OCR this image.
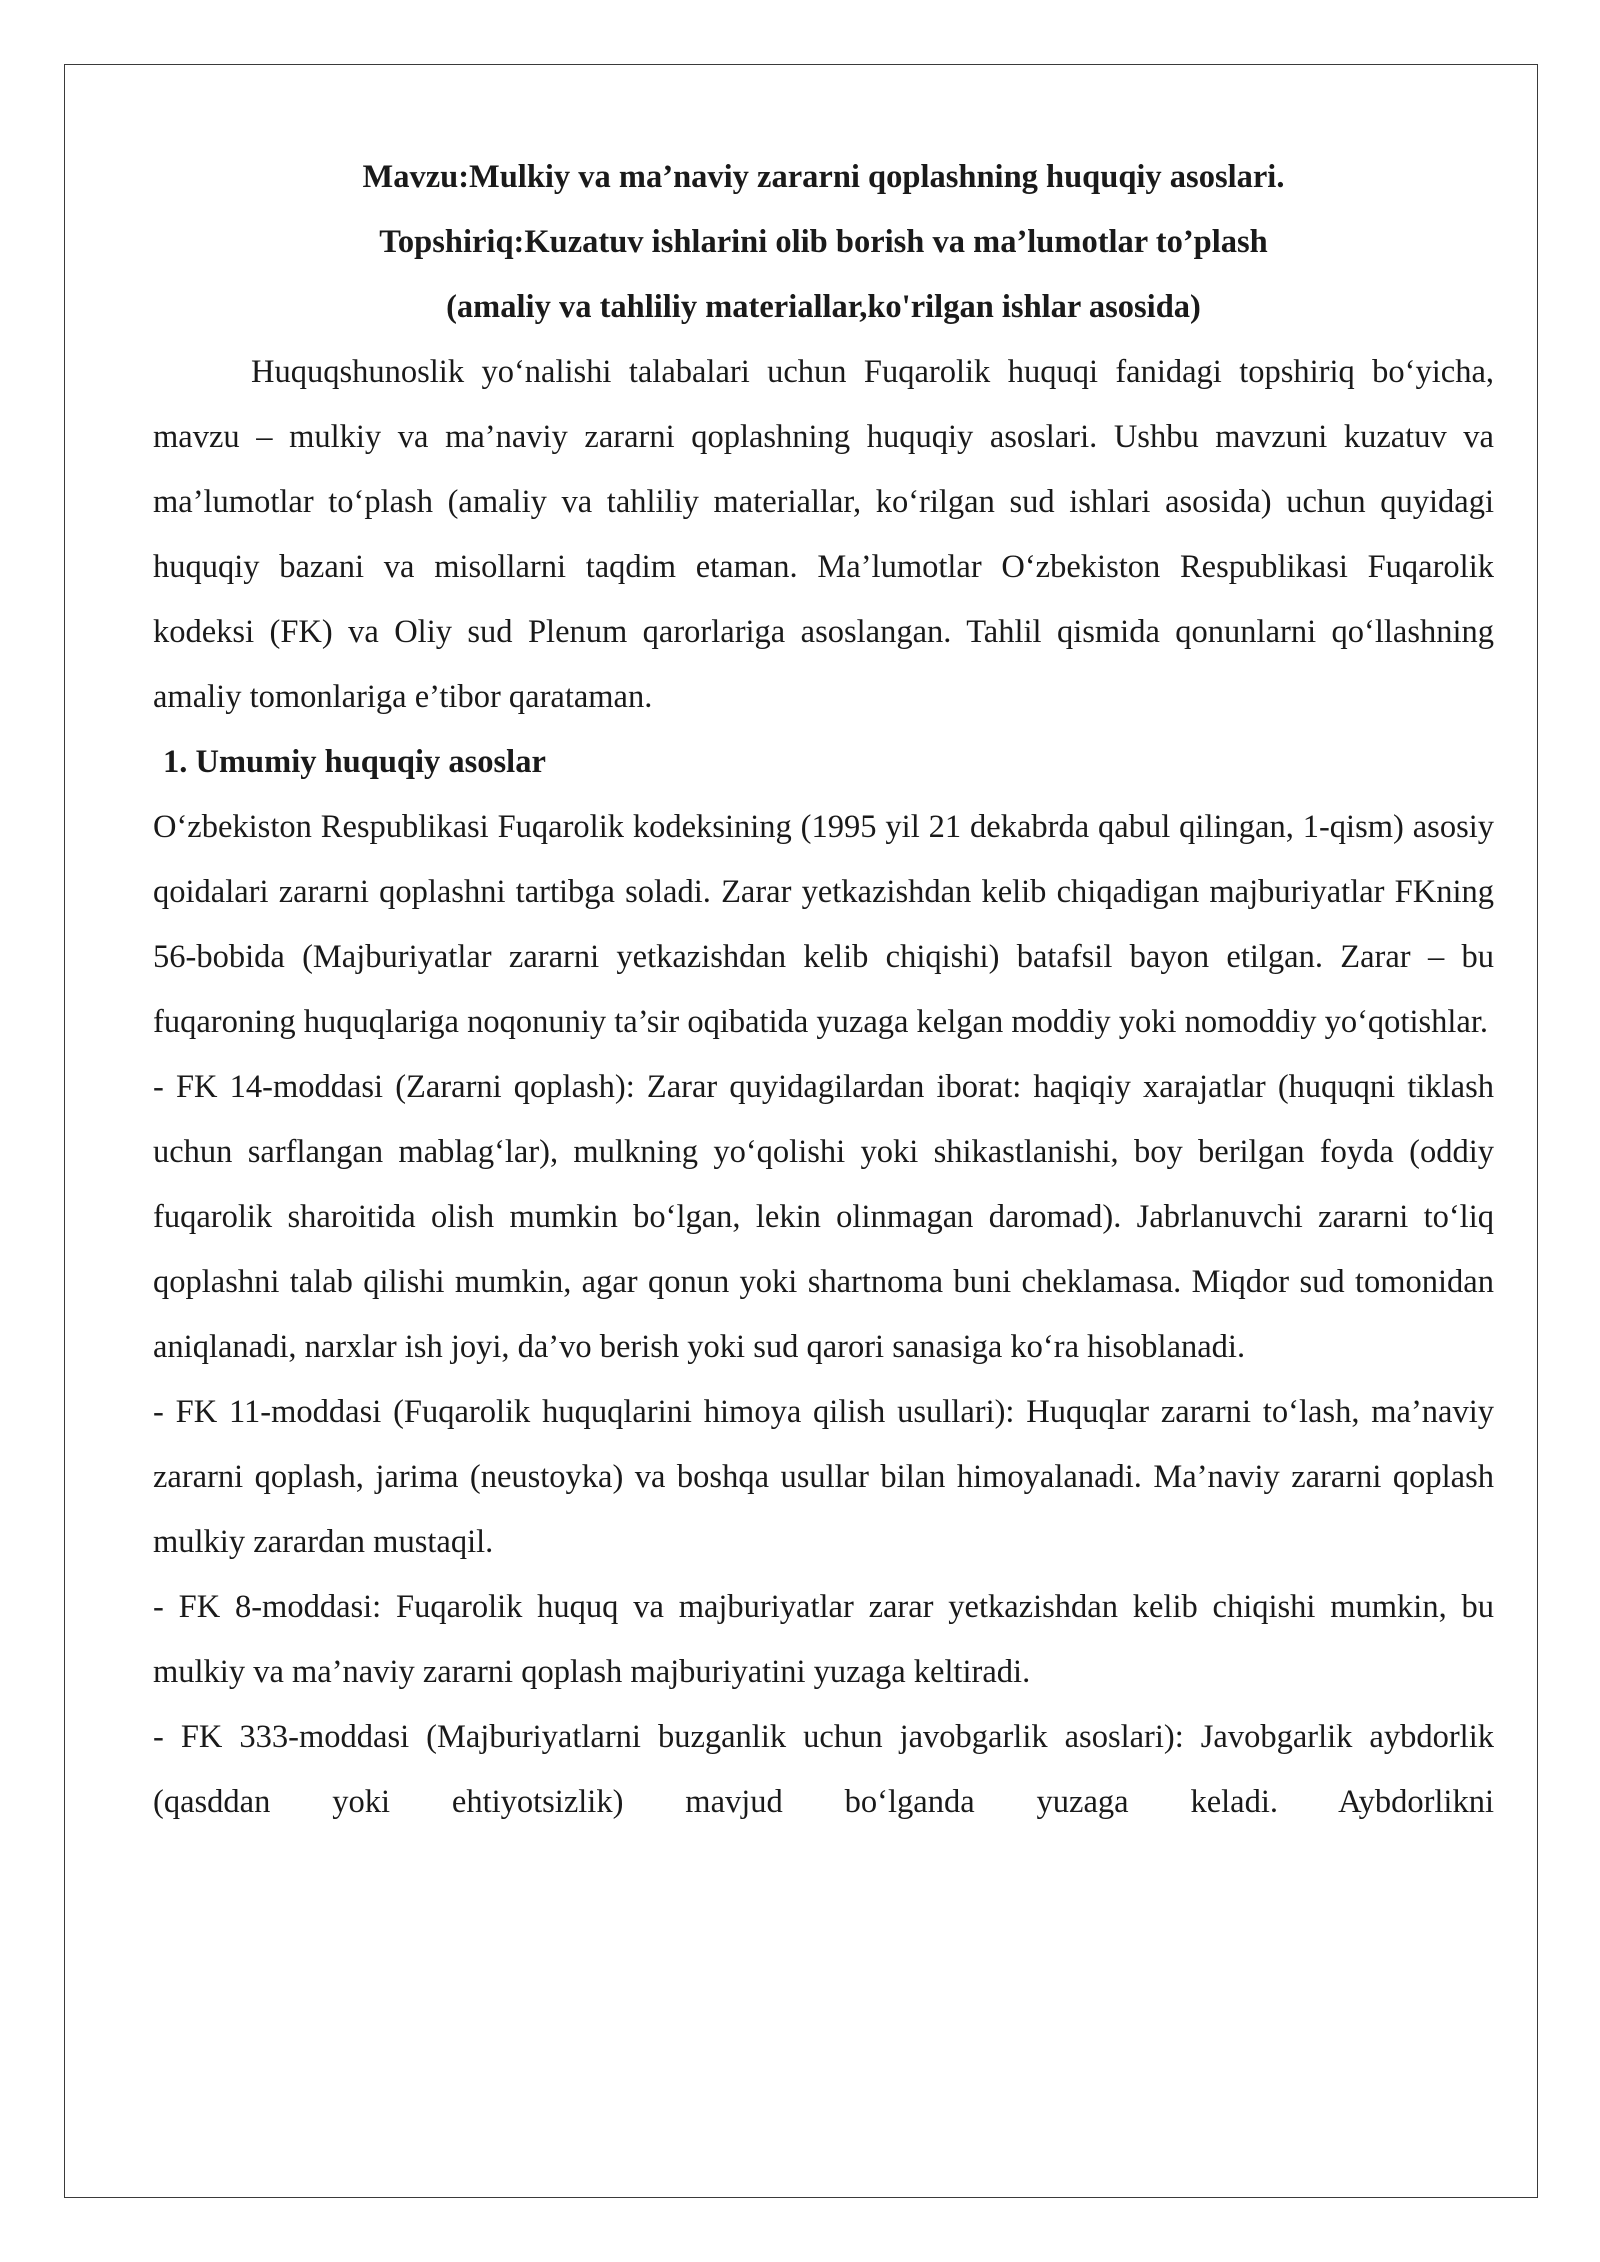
Mavzu:Mulkiy va ma’naviy zararni qoplashning huquqiy asoslari.

Topshiriq:Kuzatuv ishlarini olib borish va ma’lumotlar to’plash

(amaliy va tahliliy materiallar,ko'rilgan ishlar asosida)

Huquqshunoslik yo‘nalishi talabalari uchun Fuqarolik huquqi fanidagi topshiriq bo‘yicha, mavzu – mulkiy va ma’naviy zararni qoplashning huquqiy asoslari. Ushbu mavzuni kuzatuv va ma’lumotlar to‘plash (amaliy va tahliliy materiallar, ko‘rilgan sud ishlari asosida) uchun quyidagi huquqiy bazani va misollarni taqdim etaman. Ma’lumotlar O‘zbekiston Respublikasi Fuqarolik kodeksi (FK) va Oliy sud Plenum qarorlariga asoslangan. Tahlil qismida qonunlarni qo‘llashning amaliy tomonlariga e’tibor qarataman.

1. Umumiy huquqiy asoslar

O‘zbekiston Respublikasi Fuqarolik kodeksining (1995 yil 21 dekabrda qabul qilingan, 1-qism) asosiy qoidalari zararni qoplashni tartibga soladi. Zarar yetkazishdan kelib chiqadigan majburiyatlar FKning 56-bobida (Majburiyatlar zararni yetkazishdan kelib chiqishi) batafsil bayon etilgan. Zarar – bu fuqaroning huquqlariga noqonuniy ta’sir oqibatida yuzaga kelgan moddiy yoki nomoddiy yo‘qotishlar.

- FK 14-moddasi (Zararni qoplash): Zarar quyidagilardan iborat: haqiqiy xarajatlar (huquqni tiklash uchun sarflangan mablag‘lar), mulkning yo‘qolishi yoki shikastlanishi, boy berilgan foyda (oddiy fuqarolik sharoitida olish mumkin bo‘lgan, lekin olinmagan daromad). Jabrlanuvchi zararni to‘liq qoplashni talab qilishi mumkin, agar qonun yoki shartnoma buni cheklamasa. Miqdor sud tomonidan aniqlanadi, narxlar ish joyi, da’vo berish yoki sud qarori sanasiga ko‘ra hisoblanadi.

- FK 11-moddasi (Fuqarolik huquqlarini himoya qilish usullari): Huquqlar zararni to‘lash, ma’naviy zararni qoplash, jarima (neustoyka) va boshqa usullar bilan himoyalanadi. Ma’naviy zararni qoplash mulkiy zarardan mustaqil.

- FK 8-moddasi: Fuqarolik huquq va majburiyatlar zarar yetkazishdan kelib chiqishi mumkin, bu mulkiy va ma’naviy zararni qoplash majburiyatini yuzaga keltiradi.

- FK 333-moddasi (Majburiyatlarni buzganlik uchun javobgarlik asoslari): Javobgarlik aybdorlik (qasddan yoki ehtiyotsizlik) mavjud bo‘lganda yuzaga keladi. Aybdorlikni
